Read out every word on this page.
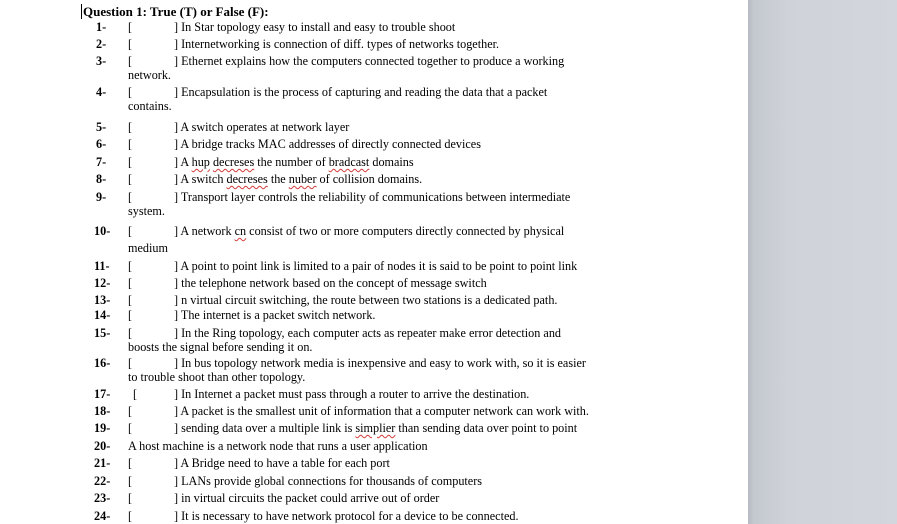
Question 1: True (T) or False (F):
1-	[	] In Star topology easy to install and easy to trouble shoot
2-	[	] Internetworking is connection of diff. types of networks together.
3-	[	] Ethernet explains how the computers connected together to produce a working
network.
4-	[	] Encapsulation is the process of capturing and reading the data that a packet
contains.
5-	[	] A switch operates at network layer
6-	[	] A bridge tracks MAC addresses of directly connected devices
7-	[	] A hup decreses the number of bradcast domains
8-	[	] A switch decreses the nuber of collision domains.
9-	[	] Transport layer controls the reliability of communications between intermediate
system.
10-	[	] A network cn consist of two or more computers directly connected by physical
medium
11-	[	] A point to point link is limited to a pair of nodes it is said to be point to point link
12-	[	] the telephone network based on the concept of message switch
13-	[	] n virtual circuit switching, the route between two stations is a dedicated path.
14-	[	] The internet is a packet switch network.
15-	[	] In the Ring topology, each computer acts as repeater make error detection and
boosts the signal before sending it on.
16-	[	] In bus topology network media is inexpensive and easy to work with, so it is easier
to trouble shoot than other topology.
17-	[	] In Internet a packet must pass through a router to arrive the destination.
18-	[	] A packet is the smallest unit of information that a computer network can work with.
19-	[	] sending data over a multiple link is simplier than sending data over point to point
20-	A host machine is a network node that runs a user application
21-	[	] A Bridge need to have a table for each port
22-	[	] LANs provide global connections for thousands of computers
23-	[	] in virtual circuits the packet could arrive out of order
24-	[	] It is necessary to have network protocol for a device to be connected.
